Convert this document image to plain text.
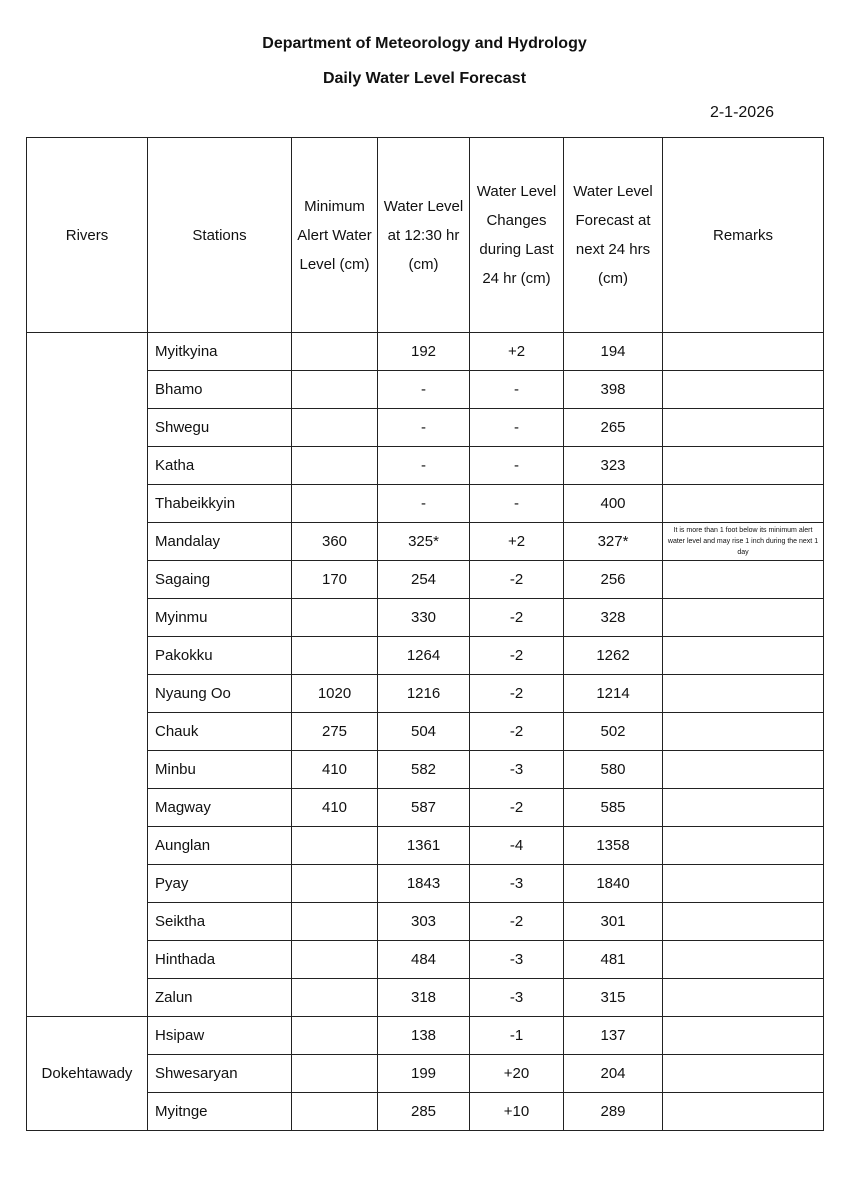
Department of Meteorology and Hydrology
Daily Water Level Forecast
2-1-2026
Rivers	Stations	Minimum Alert Water Level (cm)	Water Level at 12:30 hr (cm)	Water Level Changes during Last 24 hr (cm)	Water Level Forecast at next 24 hrs (cm)	Remarks
	Myitkyina		192	+2	194	
	Bhamo		-	-	398	
	Shwegu		-	-	265	
	Katha		-	-	323	
	Thabeikkyin		-	-	400	
	Mandalay	360	325*	+2	327*	It is more than 1 foot below its minimum alert water level and may rise 1 inch during the next 1 day
	Sagaing	170	254	-2	256	
	Myinmu		330	-2	328	
	Pakokku		1264	-2	1262	
	Nyaung Oo	1020	1216	-2	1214	
	Chauk	275	504	-2	502	
	Minbu	410	582	-3	580	
	Magway	410	587	-2	585	
	Aunglan		1361	-4	1358	
	Pyay		1843	-3	1840	
	Seiktha		303	-2	301	
	Hinthada		484	-3	481	
	Zalun		318	-3	315	
Dokehtawady	Hsipaw		138	-1	137	
	Shwesaryan		199	+20	204	
	Myitnge		285	+10	289	
